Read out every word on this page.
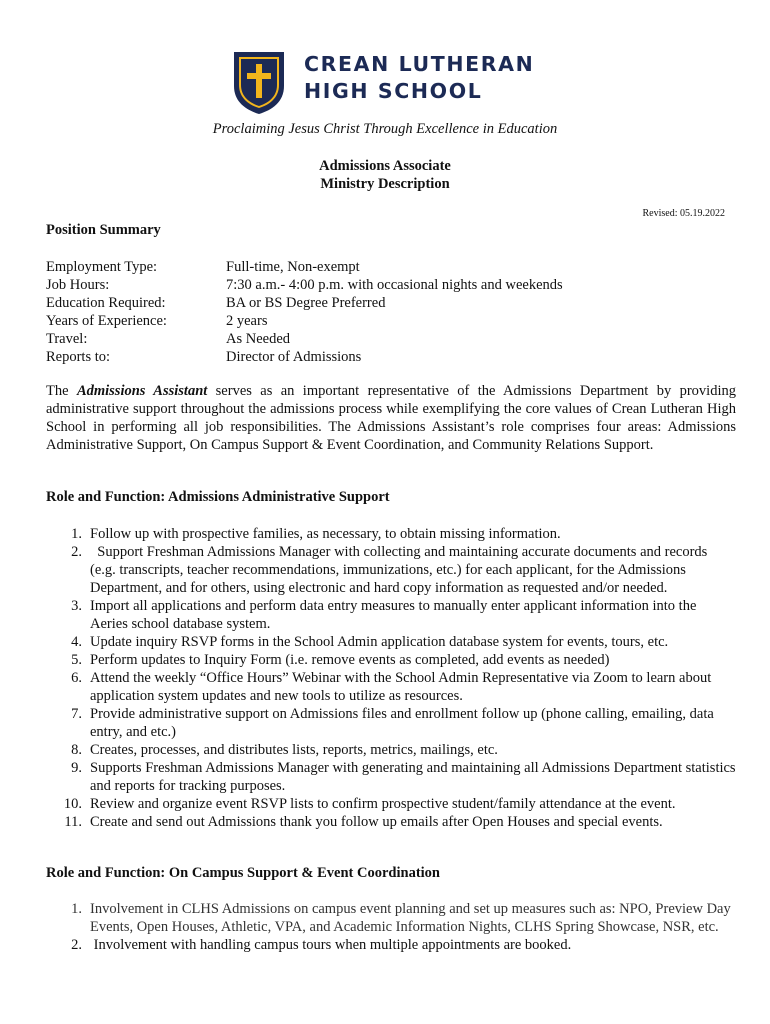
CREAN LUTHERAN
HIGH SCHOOL
Proclaiming Jesus Christ Through Excellence in Education
Admissions Associate
Ministry Description
Revised: 05.19.2022
Position Summary
Employment Type:	Full-time, Non-exempt
Job Hours:	7:30 a.m.- 4:00 p.m. with occasional nights and weekends
Education Required:	BA or BS Degree Preferred
Years of Experience:	2 years
Travel:	As Needed
Reports to:	Director of Admissions
The Admissions Assistant serves as an important representative of the Admissions Department by providing administrative support throughout the admissions process while exemplifying the core values of Crean Lutheran High School in performing all job responsibilities. The Admissions Assistant’s role comprises four areas: Admissions Administrative Support, On Campus Support & Event Coordination, and Community Relations Support.
Role and Function: Admissions Administrative Support
1. Follow up with prospective families, as necessary, to obtain missing information.
2. Support Freshman Admissions Manager with collecting and maintaining accurate documents and records (e.g. transcripts, teacher recommendations, immunizations, etc.) for each applicant, for the Admissions Department, and for others, using electronic and hard copy information as requested and/or needed.
3. Import all applications and perform data entry measures to manually enter applicant information into the Aeries school database system.
4. Update inquiry RSVP forms in the School Admin application database system for events, tours, etc.
5. Perform updates to Inquiry Form (i.e. remove events as completed, add events as needed)
6. Attend the weekly “Office Hours” Webinar with the School Admin Representative via Zoom to learn about application system updates and new tools to utilize as resources.
7. Provide administrative support on Admissions files and enrollment follow up (phone calling, emailing, data entry, and etc.)
8. Creates, processes, and distributes lists, reports, metrics, mailings, etc.
9. Supports Freshman Admissions Manager with generating and maintaining all Admissions Department statistics and reports for tracking purposes.
10. Review and organize event RSVP lists to confirm prospective student/family attendance at the event.
11. Create and send out Admissions thank you follow up emails after Open Houses and special events.
Role and Function: On Campus Support & Event Coordination
1. Involvement in CLHS Admissions on campus event planning and set up measures such as: NPO, Preview Day Events, Open Houses, Athletic, VPA, and Academic Information Nights, CLHS Spring Showcase, NSR, etc.
2. Involvement with handling campus tours when multiple appointments are booked.
